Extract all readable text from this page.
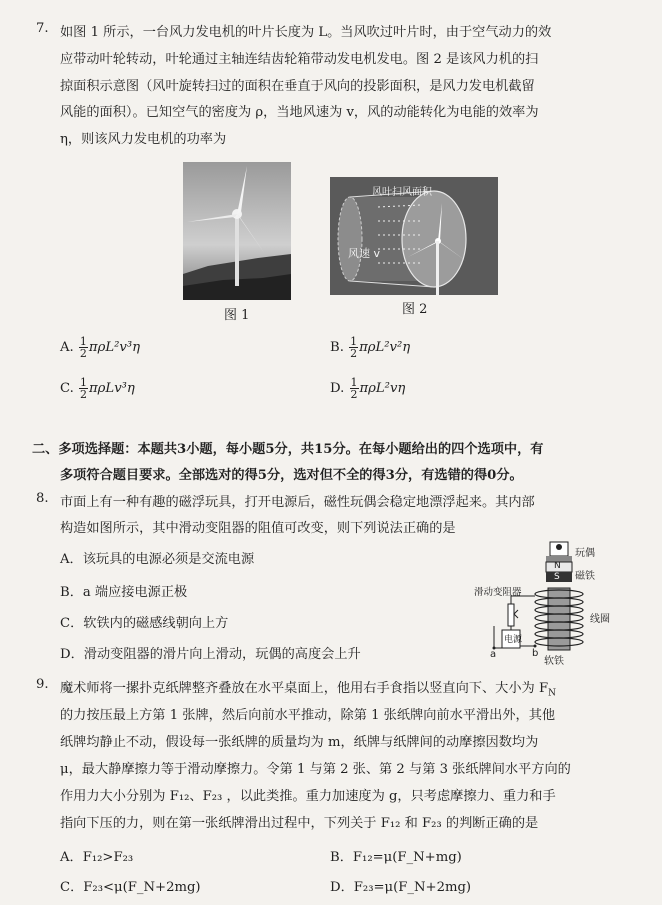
7. 如图 1 所示，一台风力发电机的叶片长度为 L。当风吹过叶片时，由于空气动力的效
应带动叶轮转动，叶轮通过主轴连结齿轮箱带动发电机发电。图 2 是该风力机的扫
掠面积示意图（风叶旋转扫过的面积在垂直于风向的投影面积，是风力发电机截留
风能的面积）。已知空气的密度为 ρ，当地风速为 v，风的动能转化为电能的效率为
η，则该风力发电机的功率为
图 1
风叶扫风面积
风速 v
图 2
A. $\frac{1}{2} \pi\rho L^2v^3\eta$	B. $\frac{1}{2} \pi\rho L^2v^2\eta$
C. $\frac{1}{2} \pi\rho Lv^3\eta$	D. $\frac{1}{2} \pi\rho L^2v\eta$
二、多项选择题：本题共3小题，每小题5分，共15分。在每小题给出的四个选项中，有
多项符合题目要求。全部选对的得5分，选对但不全的得3分，有选错的得0分。
8. 市面上有一种有趣的磁浮玩具，打开电源后，磁性玩偶会稳定地漂浮起来。其内部
构造如图所示，其中滑动变阻器的阻值可改变，则下列说法正确的是
A．该玩具的电源必须是交流电源
B．a 端应接电源正极
C．软铁内的磁感线朝向上方
D．滑动变阻器的滑片向上滑动，玩偶的高度会上升
玩偶
磁铁
N
S
滑动变阻器
线圈
电源
a	b
软铁
9. 魔术师将一摞扑克纸牌整齐叠放在水平桌面上，他用右手食指以竖直向下、大小为 $F_N$
的力按压最上方第 1 张牌，然后向前水平推动，除第 1 张纸牌向前水平滑出外，其他
纸牌均静止不动，假设每一张纸牌的质量均为 m，纸牌与纸牌间的动摩擦因数均为
μ，最大静摩擦力等于滑动摩擦力。令第 1 与第 2 张、第 2 与第 3 张纸牌间水平方向的
作用力大小分别为 F₁₂、F₂₃ ，以此类推。重力加速度为 g，只考虑摩擦力、重力和手
指向下压的力，则在第一张纸牌滑出过程中，下列关于 F₁₂ 和 F₂₃ 的判断正确的是
A．F₁₂>F₂₃	B．F₁₂=μ(F_N+mg)
C．F₂₃<μ(F_N+2mg)	D．F₂₃=μ(F_N+2mg)
